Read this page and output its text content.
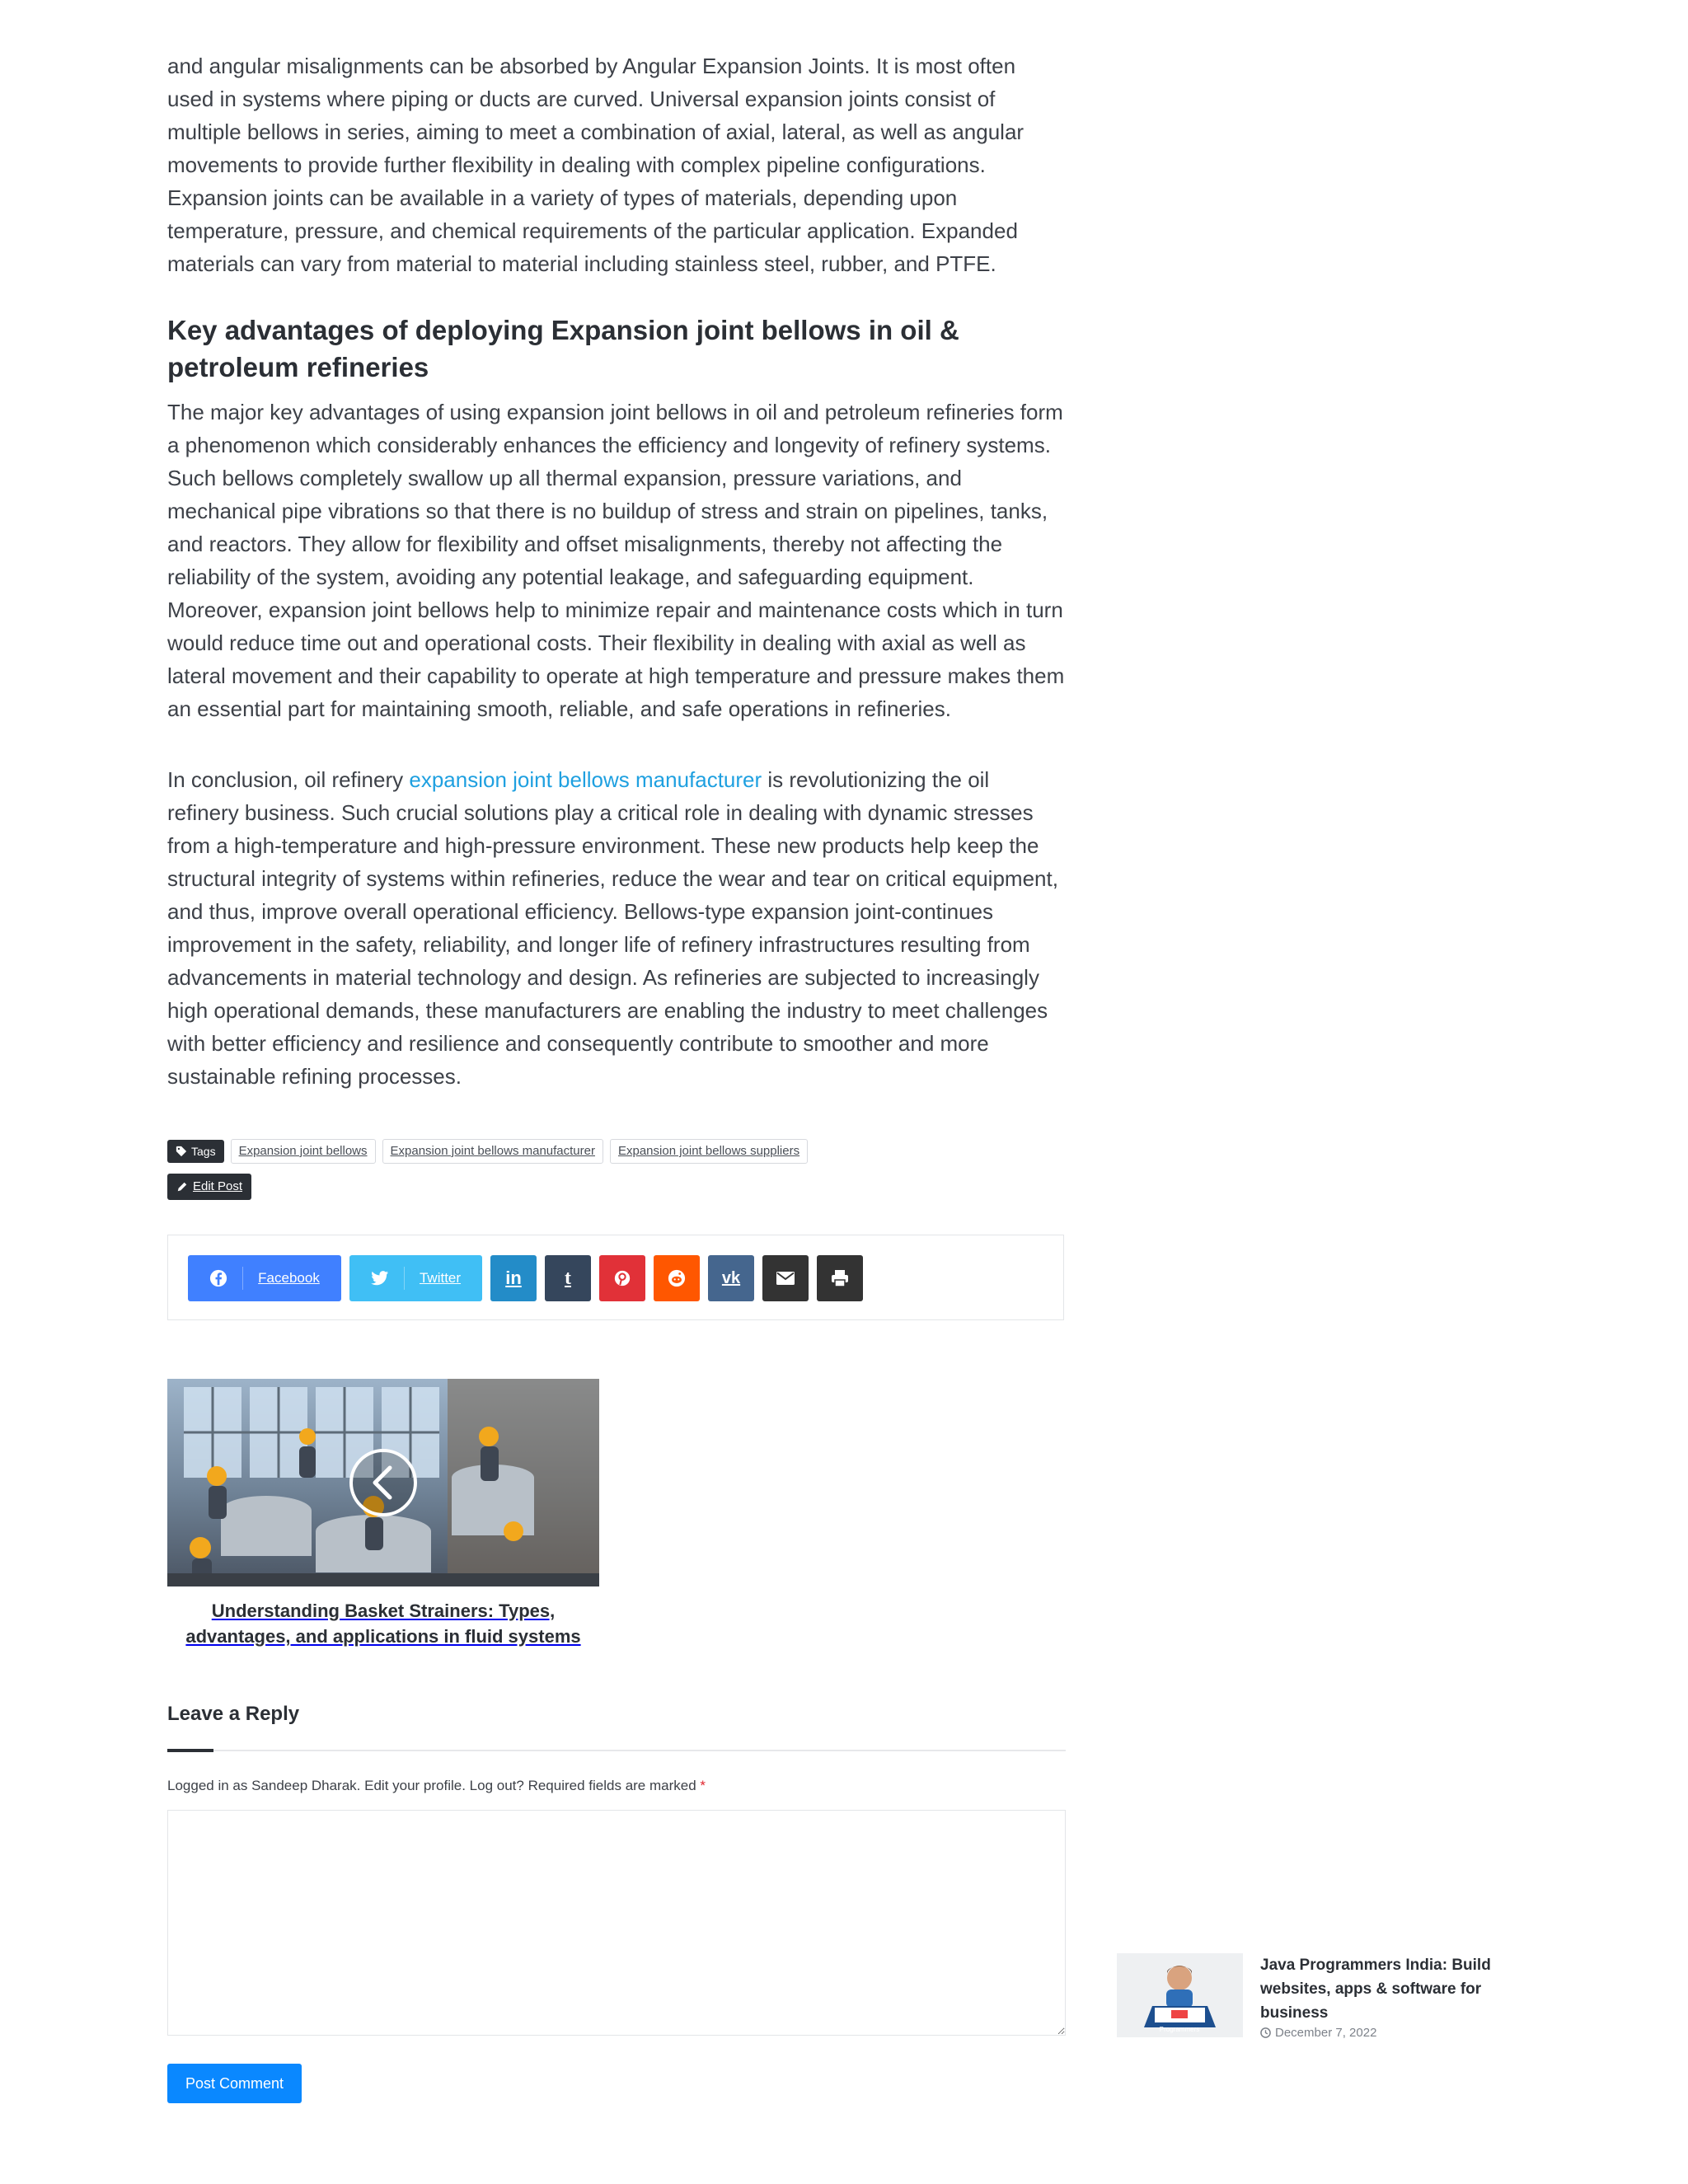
and angular misalignments can be absorbed by Angular Expansion Joints. It is most often used in systems where piping or ducts are curved. Universal expansion joints consist of multiple bellows in series, aiming to meet a combination of axial, lateral, as well as angular movements to provide further flexibility in dealing with complex pipeline configurations. Expansion joints can be available in a variety of types of materials, depending upon temperature, pressure, and chemical requirements of the particular application. Expanded materials can vary from material to material including stainless steel, rubber, and PTFE.

Key advantages of deploying Expansion joint bellows in oil & petroleum refineries

The major key advantages of using expansion joint bellows in oil and petroleum refineries form a phenomenon which considerably enhances the efficiency and longevity of refinery systems. Such bellows completely swallow up all thermal expansion, pressure variations, and mechanical pipe vibrations so that there is no buildup of stress and strain on pipelines, tanks, and reactors. They allow for flexibility and offset misalignments, thereby not affecting the reliability of the system, avoiding any potential leakage, and safeguarding equipment. Moreover, expansion joint bellows help to minimize repair and maintenance costs which in turn would reduce time out and operational costs. Their flexibility in dealing with axial as well as lateral movement and their capability to operate at high temperature and pressure makes them an essential part for maintaining smooth, reliable, and safe operations in refineries.

In conclusion, oil refinery expansion joint bellows manufacturer is revolutionizing the oil refinery business. Such crucial solutions play a critical role in dealing with dynamic stresses from a high-temperature and high-pressure environment. These new products help keep the structural integrity of systems within refineries, reduce the wear and tear on critical equipment, and thus, improve overall operational efficiency. Bellows-type expansion joint-continues improvement in the safety, reliability, and longer life of refinery infrastructures resulting from advancements in material technology and design. As refineries are subjected to increasingly high operational demands, these manufacturers are enabling the industry to meet challenges with better efficiency and resilience and consequently contribute to smoother and more sustainable refining processes.

Tags	Expansion joint bellows	Expansion joint bellows manufacturer	Expansion joint bellows suppliers
Edit Post
Facebook	Twitter in t	vk
Understanding Basket Strainers: Types, advantages, and applications in fluid systems
Leave a Reply
Logged in as Sandeep Dharak. Edit your profile. Log out? Required fields are marked *
Post Comment
Programmers
Java Programmers India: Build websites, apps & software for business
December 7, 2022
